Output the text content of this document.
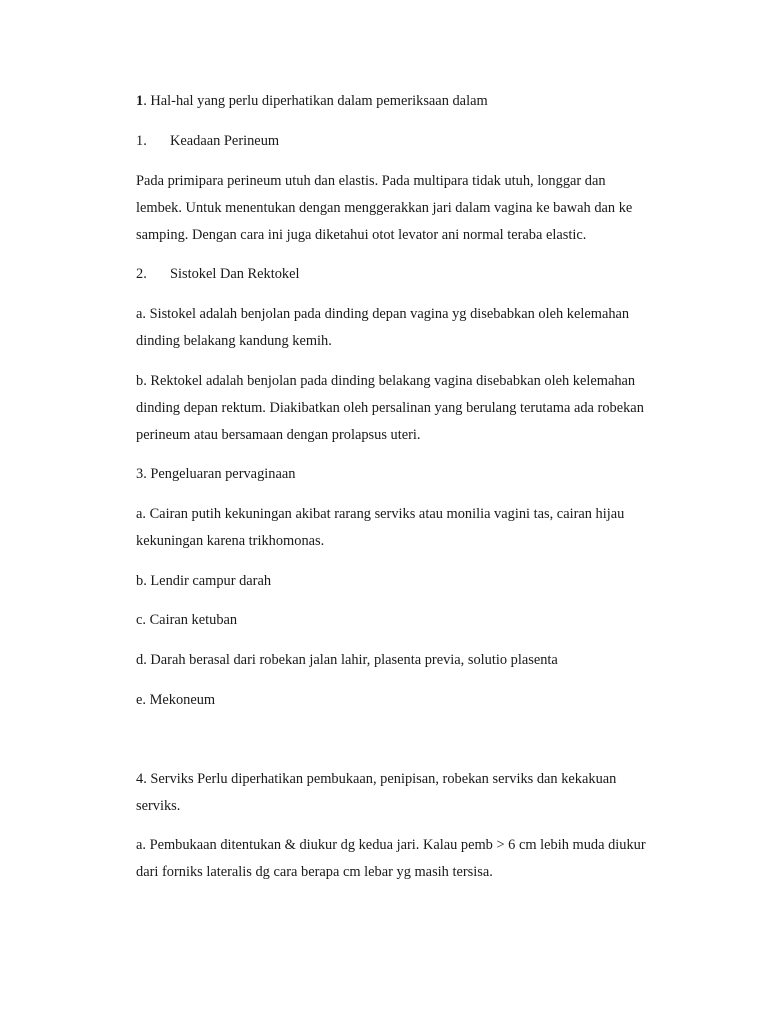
1. Hal-hal yang perlu diperhatikan dalam pemeriksaan dalam
1. Keadaan Perineum
Pada primipara perineum utuh dan elastis. Pada multipara tidak utuh, longgar dan
lembek. Untuk menentukan dengan menggerakkan jari dalam vagina ke bawah dan ke
samping. Dengan cara ini juga diketahui otot levator ani normal teraba elastic.
2. Sistokel Dan Rektokel
a. Sistokel adalah benjolan pada dinding depan vagina yg disebabkan oleh kelemahan
dinding belakang kandung kemih.
b. Rektokel adalah benjolan pada dinding belakang vagina disebabkan oleh kelemahan
dinding depan rektum. Diakibatkan oleh persalinan yang berulang terutama ada robekan
perineum atau bersamaan dengan prolapsus uteri.
3. Pengeluaran pervaginaan
a. Cairan putih kekuningan akibat rarang serviks atau monilia vagini tas, cairan hijau
kekuningan karena trikhomonas.
b. Lendir campur darah
c. Cairan ketuban
d. Darah berasal dari robekan jalan lahir, plasenta previa, solutio plasenta
e. Mekoneum
4. Serviks Perlu diperhatikan pembukaan, penipisan, robekan serviks dan kekakuan
serviks.
a. Pembukaan ditentukan & diukur dg kedua jari. Kalau pemb > 6 cm lebih muda diukur
dari forniks lateralis dg cara berapa cm lebar yg masih tersisa.
